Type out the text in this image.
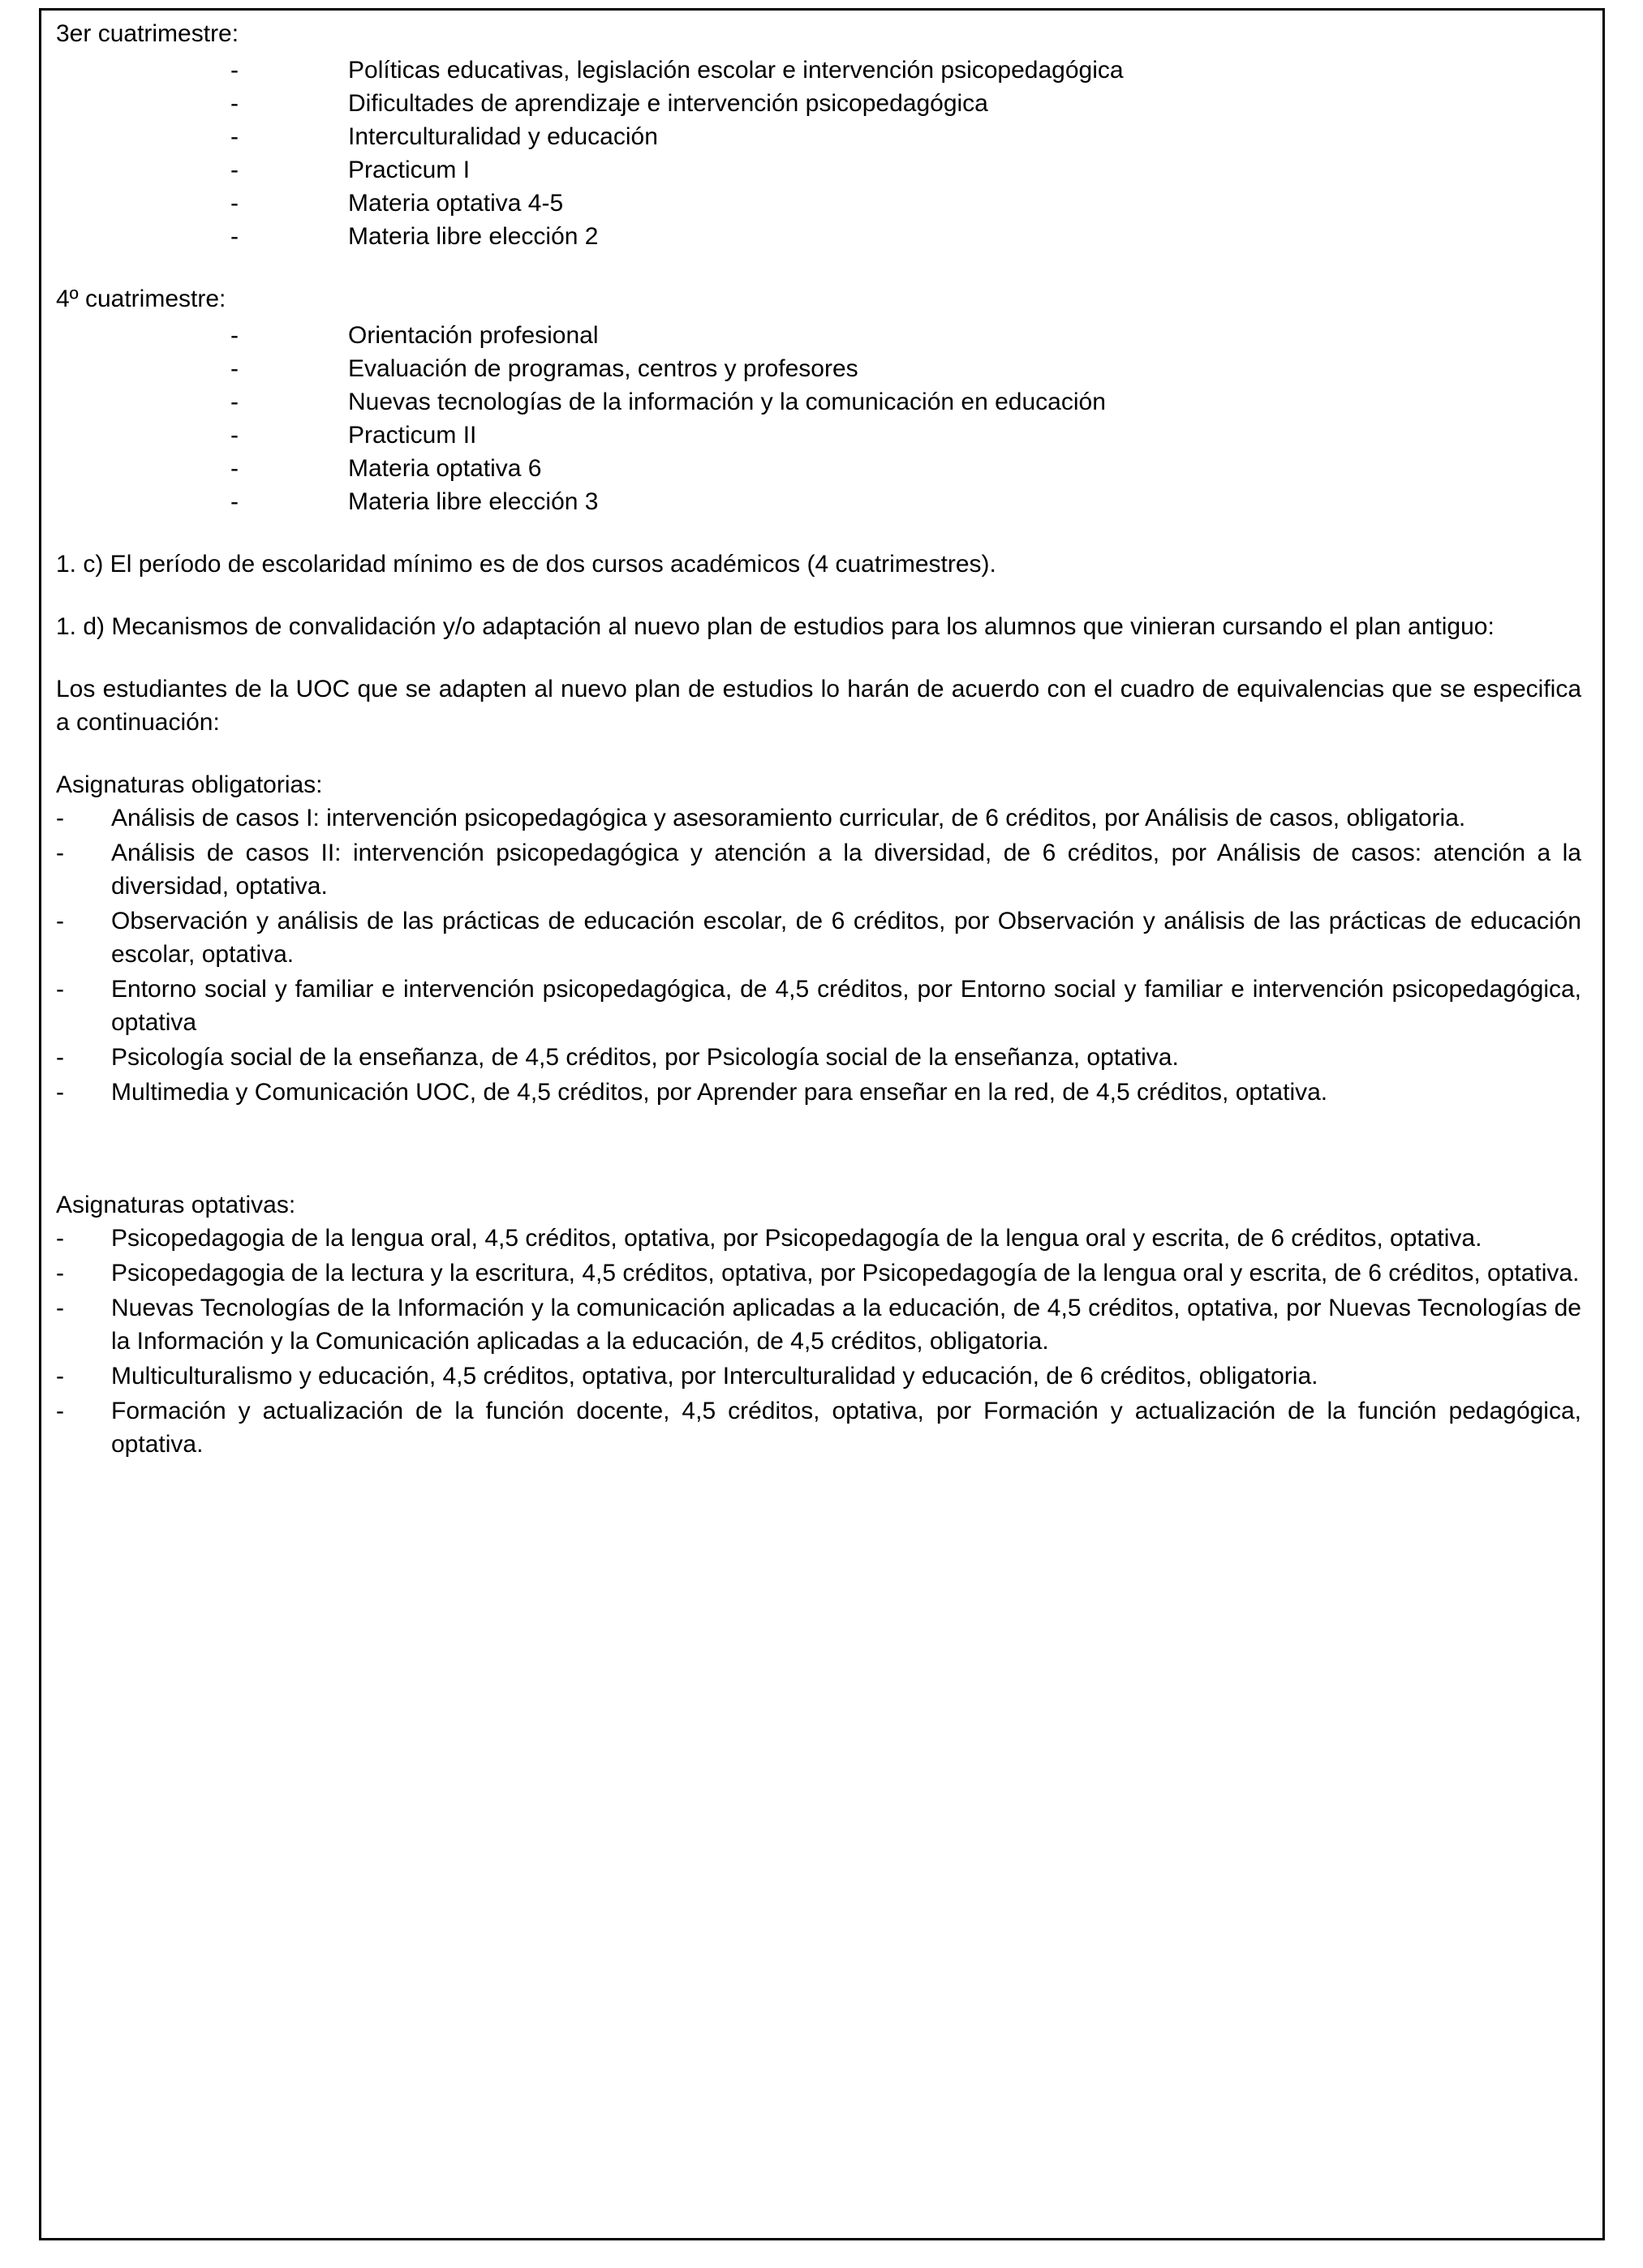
3er cuatrimestre:
-	Políticas educativas, legislación escolar e intervención psicopedagógica
-	Dificultades de aprendizaje e intervención psicopedagógica
-	Interculturalidad y educación
-	Practicum I
-	Materia optativa 4-5
-	Materia libre elección 2
4º cuatrimestre:
-	Orientación profesional
-	Evaluación de programas, centros y profesores
-	Nuevas tecnologías de la información y la comunicación en educación
-	Practicum II
-	Materia optativa 6
-	Materia libre elección 3
1. c) El período de escolaridad mínimo es de dos cursos académicos (4 cuatrimestres).
1. d) Mecanismos de convalidación y/o adaptación al nuevo plan de estudios para los alumnos que vinieran cursando el plan antiguo:
Los estudiantes de la UOC que se adapten al nuevo plan de estudios lo harán de acuerdo con el cuadro de equivalencias que se especifica a continuación:
Asignaturas obligatorias:
- Análisis de casos I: intervención psicopedagógica y asesoramiento curricular, de 6 créditos, por Análisis de casos, obligatoria.
- Análisis de casos II: intervención psicopedagógica y atención a la diversidad, de 6 créditos, por Análisis de casos: atención a la diversidad, optativa.
- Observación y análisis de las prácticas de educación escolar, de 6 créditos, por Observación y análisis de las prácticas de educación escolar, optativa.
- Entorno social y familiar e intervención psicopedagógica, de 4,5 créditos, por Entorno social y familiar e intervención psicopedagógica, optativa
- Psicología social de la enseñanza, de 4,5 créditos, por Psicología social de la enseñanza, optativa.
- Multimedia y Comunicación UOC, de 4,5 créditos, por Aprender para enseñar en la red, de 4,5 créditos, optativa.
Asignaturas optativas:
- Psicopedagogia de la lengua oral, 4,5 créditos, optativa, por Psicopedagogía de la lengua oral y escrita, de 6 créditos, optativa.
- Psicopedagogia de la lectura y la escritura, 4,5 créditos, optativa, por Psicopedagogía de la lengua oral y escrita, de 6 créditos, optativa.
- Nuevas Tecnologías de la Información y la comunicación aplicadas a la educación, de 4,5 créditos, optativa, por Nuevas Tecnologías de la Información y la Comunicación aplicadas a la educación, de 4,5 créditos, obligatoria.
- Multiculturalismo y educación, 4,5 créditos, optativa, por Interculturalidad y educación, de 6 créditos, obligatoria.
- Formación y actualización de la función docente, 4,5 créditos, optativa, por Formación y actualización de la función pedagógica, optativa.
